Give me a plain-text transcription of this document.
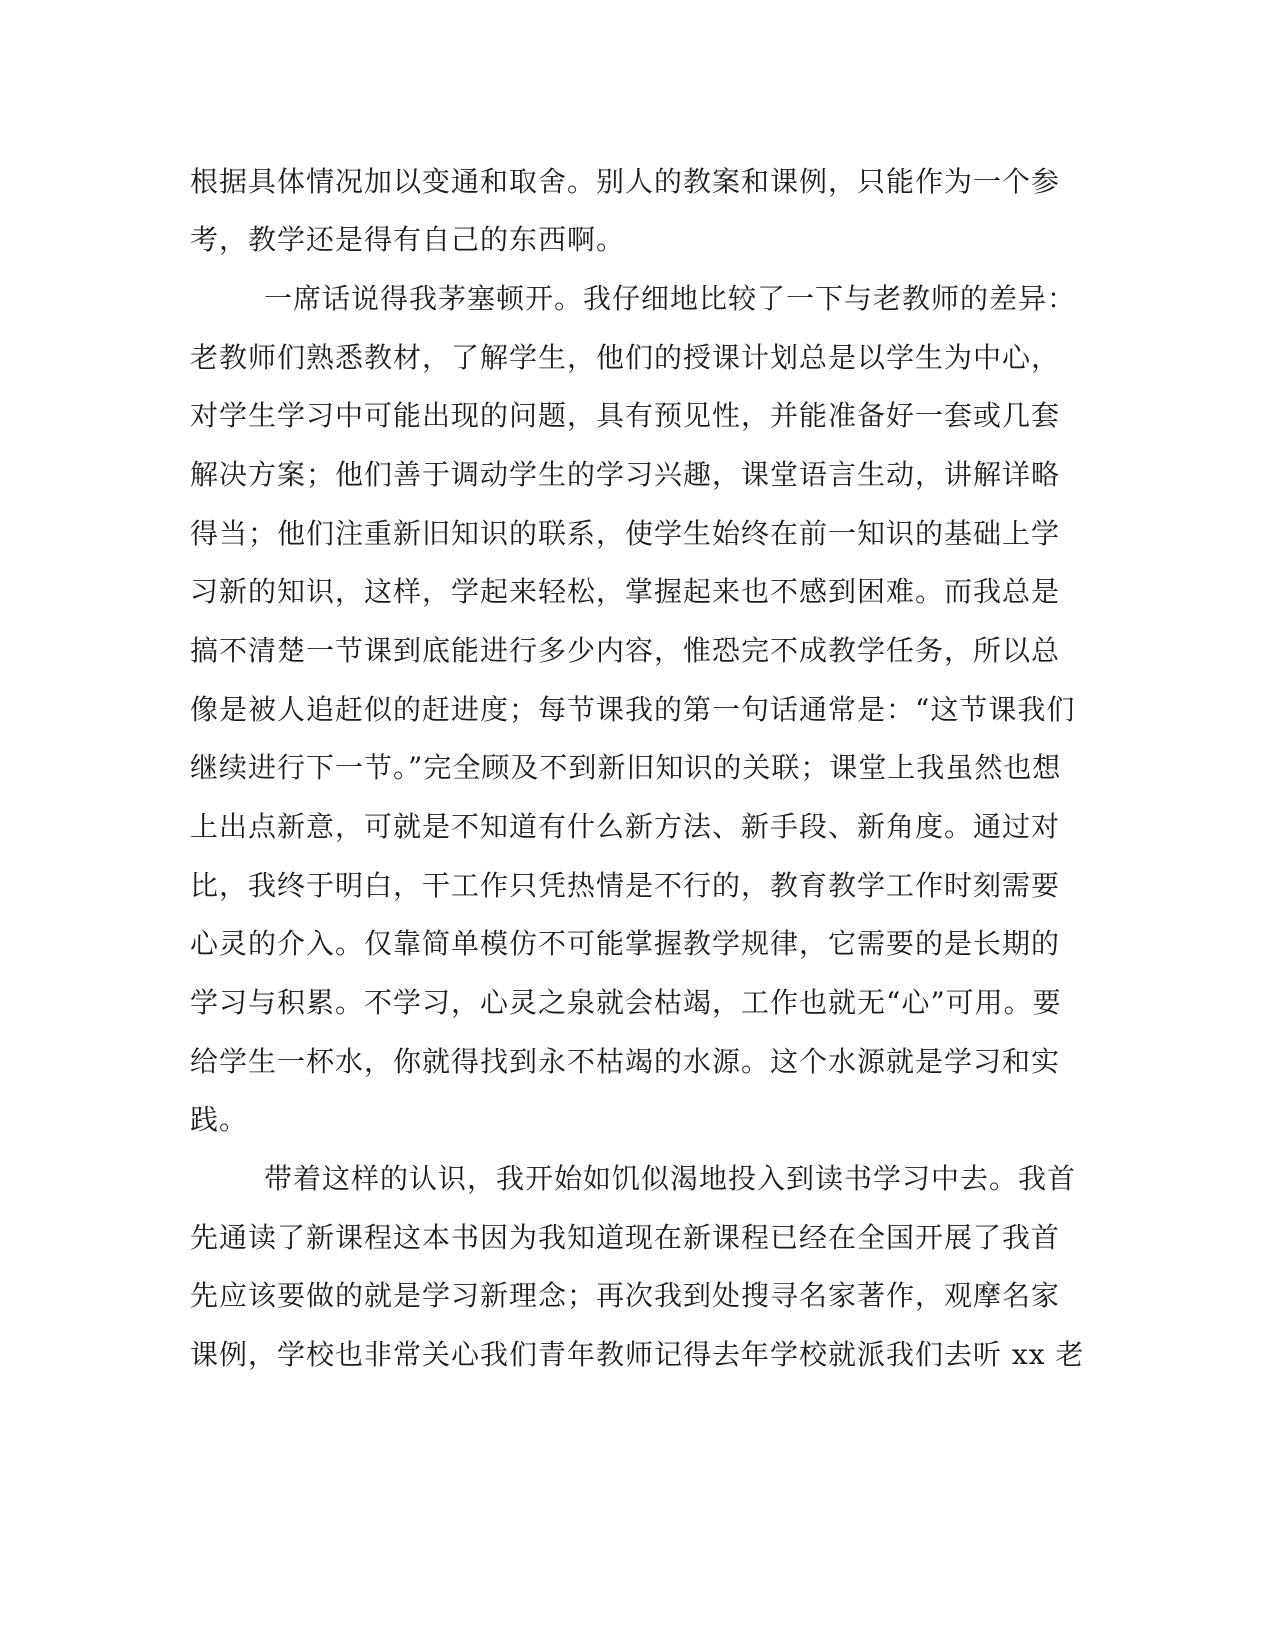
根据具体情况加以变通和取舍。别人的教案和课例，只能作为一个参
考，教学还是得有自己的东西啊。
一席话说得我茅塞顿开。我仔细地比较了一下与老教师的差异：
老教师们熟悉教材，了解学生，他们的授课计划总是以学生为中心，
对学生学习中可能出现的问题，具有预见性，并能准备好一套或几套
解决方案；他们善于调动学生的学习兴趣，课堂语言生动，讲解详略
得当；他们注重新旧知识的联系，使学生始终在前一知识的基础上学
习新的知识，这样，学起来轻松，掌握起来也不感到困难。而我总是
搞不清楚一节课到底能进行多少内容，惟恐完不成教学任务，所以总
像是被人追赶似的赶进度；每节课我的第一句话通常是：“这节课我们
继续进行下一节。”完全顾及不到新旧知识的关联；课堂上我虽然也想
上出点新意，可就是不知道有什么新方法、新手段、新角度。通过对
比，我终于明白，干工作只凭热情是不行的，教育教学工作时刻需要
心灵的介入。仅靠简单模仿不可能掌握教学规律，它需要的是长期的
学习与积累。不学习，心灵之泉就会枯竭，工作也就无“心”可用。要
给学生一杯水，你就得找到永不枯竭的水源。这个水源就是学习和实
践。
带着这样的认识，我开始如饥似渴地投入到读书学习中去。我首
先通读了新课程这本书因为我知道现在新课程已经在全国开展了我首
先应该要做的就是学习新理念；再次我到处搜寻名家著作，观摩名家
课例，学校也非常关心我们青年教师记得去年学校就派我们去听 xx 老
